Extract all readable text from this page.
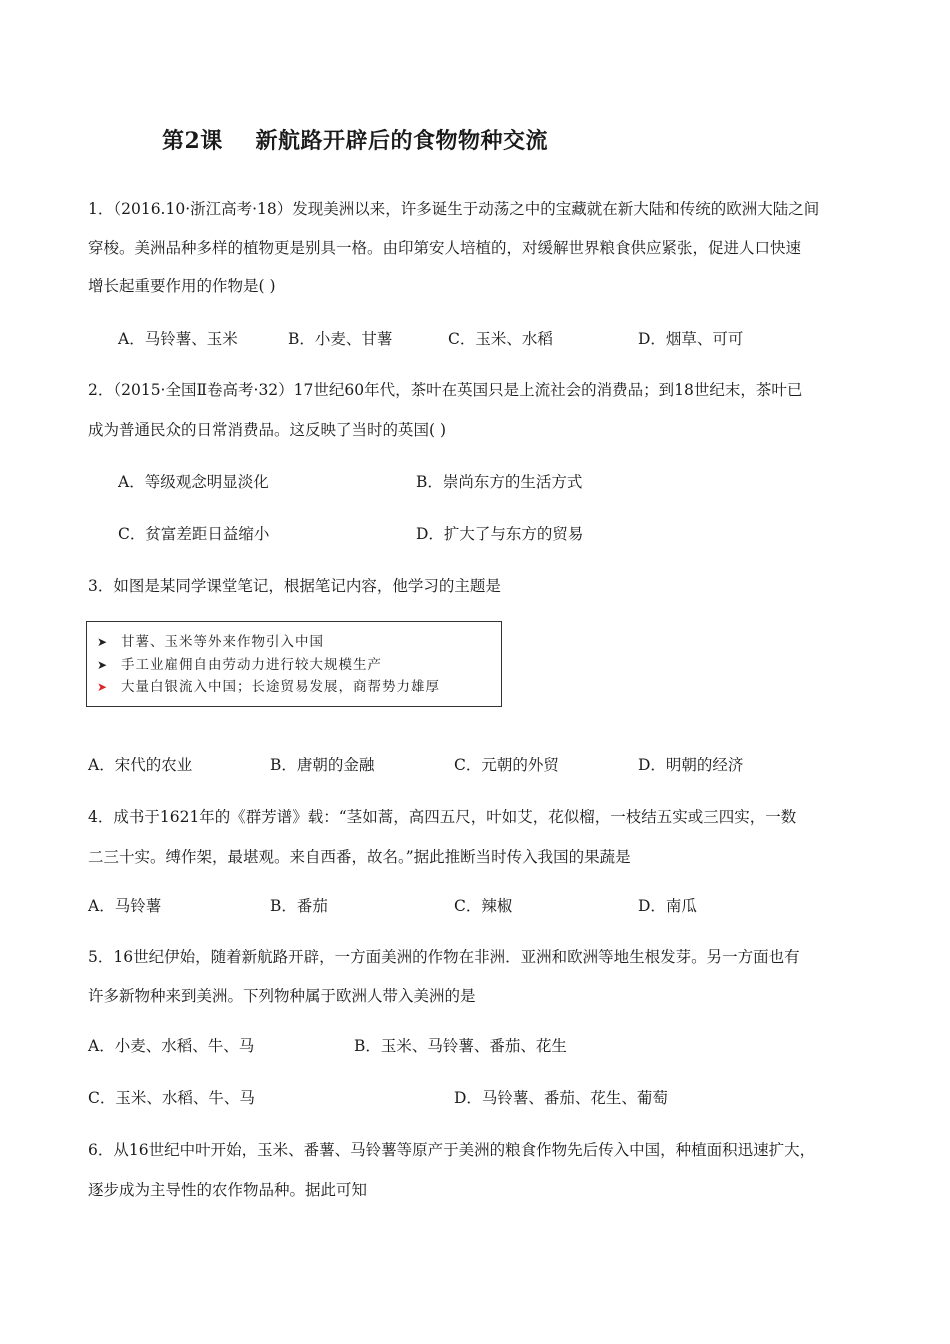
第2课    新航路开辟后的食物物种交流
1．（2016.10·浙江高考·18）发现美洲以来，许多诞生于动荡之中的宝藏就在新大陆和传统的欧洲大陆之间
穿梭。美洲品种多样的植物更是别具一格。由印第安人培植的，对缓解世界粮食供应紧张，促进人口快速
增长起重要作用的作物是( )
A．马铃薯、玉米	B．小麦、甘薯	C．玉米、水稻	D．烟草、可可
2．（2015·全国Ⅱ卷高考·32）17世纪60年代，茶叶在英国只是上流社会的消费品；到18世纪末，茶叶已
成为普通民众的日常消费品。这反映了当时的英国( )
A．等级观念明显淡化	B．崇尚东方的生活方式
C．贫富差距日益缩小	D．扩大了与东方的贸易
3．如图是某同学课堂笔记，根据笔记内容，他学习的主题是
➤ 甘薯、玉米等外来作物引入中国
➤ 手工业雇佣自由劳动力进行较大规模生产
➤ 大量白银流入中国；长途贸易发展，商帮势力雄厚
A．宋代的农业	B．唐朝的金融	C．元朝的外贸	D．明朝的经济
4．成书于1621年的《群芳谱》载：“茎如蒿，高四五尺，叶如艾，花似榴，一枝结五实或三四实，一数
二三十实。缚作架，最堪观。来自西番，故名。”据此推断当时传入我国的果蔬是
A．马铃薯	B．番茄	C．辣椒	D．南瓜
5．16世纪伊始，随着新航路开辟，一方面美洲的作物在非洲．亚洲和欧洲等地生根发芽。另一方面也有
许多新物种来到美洲。下列物种属于欧洲人带入美洲的是
A．小麦、水稻、牛、马	B．玉米、马铃薯、番茄、花生
C．玉米、水稻、牛、马	D．马铃薯、番茄、花生、葡萄
6．从16世纪中叶开始，玉米、番薯、马铃薯等原产于美洲的粮食作物先后传入中国，种植面积迅速扩大，
逐步成为主导性的农作物品种。据此可知
